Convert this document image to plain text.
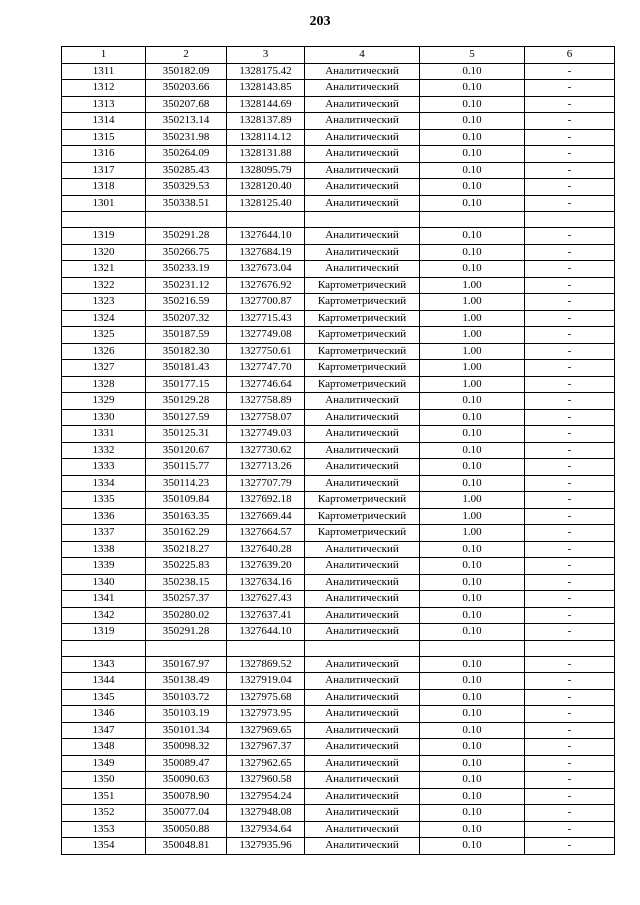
203
1	2	3	4	5	6
1311	350182.09	1328175.42	Аналитический	0.10	-
1312	350203.66	1328143.85	Аналитический	0.10	-
1313	350207.68	1328144.69	Аналитический	0.10	-
1314	350213.14	1328137.89	Аналитический	0.10	-
1315	350231.98	1328114.12	Аналитический	0.10	-
1316	350264.09	1328131.88	Аналитический	0.10	-
1317	350285.43	1328095.79	Аналитический	0.10	-
1318	350329.53	1328120.40	Аналитический	0.10	-
1301	350338.51	1328125.40	Аналитический	0.10	-

1319	350291.28	1327644.10	Аналитический	0.10	-
1320	350266.75	1327684.19	Аналитический	0.10	-
1321	350233.19	1327673.04	Аналитический	0.10	-
1322	350231.12	1327676.92	Картометрический	1.00	-
1323	350216.59	1327700.87	Картометрический	1.00	-
1324	350207.32	1327715.43	Картометрический	1.00	-
1325	350187.59	1327749.08	Картометрический	1.00	-
1326	350182.30	1327750.61	Картометрический	1.00	-
1327	350181.43	1327747.70	Картометрический	1.00	-
1328	350177.15	1327746.64	Картометрический	1.00	-
1329	350129.28	1327758.89	Аналитический	0.10	-
1330	350127.59	1327758.07	Аналитический	0.10	-
1331	350125.31	1327749.03	Аналитический	0.10	-
1332	350120.67	1327730.62	Аналитический	0.10	-
1333	350115.77	1327713.26	Аналитический	0.10	-
1334	350114.23	1327707.79	Аналитический	0.10	-
1335	350109.84	1327692.18	Картометрический	1.00	-
1336	350163.35	1327669.44	Картометрический	1.00	-
1337	350162.29	1327664.57	Картометрический	1.00	-
1338	350218.27	1327640.28	Аналитический	0.10	-
1339	350225.83	1327639.20	Аналитический	0.10	-
1340	350238.15	1327634.16	Аналитический	0.10	-
1341	350257.37	1327627.43	Аналитический	0.10	-
1342	350280.02	1327637.41	Аналитический	0.10	-
1319	350291.28	1327644.10	Аналитический	0.10	-

1343	350167.97	1327869.52	Аналитический	0.10	-
1344	350138.49	1327919.04	Аналитический	0.10	-
1345	350103.72	1327975.68	Аналитический	0.10	-
1346	350103.19	1327973.95	Аналитический	0.10	-
1347	350101.34	1327969.65	Аналитический	0.10	-
1348	350098.32	1327967.37	Аналитический	0.10	-
1349	350089.47	1327962.65	Аналитический	0.10	-
1350	350090.63	1327960.58	Аналитический	0.10	-
1351	350078.90	1327954.24	Аналитический	0.10	-
1352	350077.04	1327948.08	Аналитический	0.10	-
1353	350050.88	1327934.64	Аналитический	0.10	-
1354	350048.81	1327935.96	Аналитический	0.10	-
